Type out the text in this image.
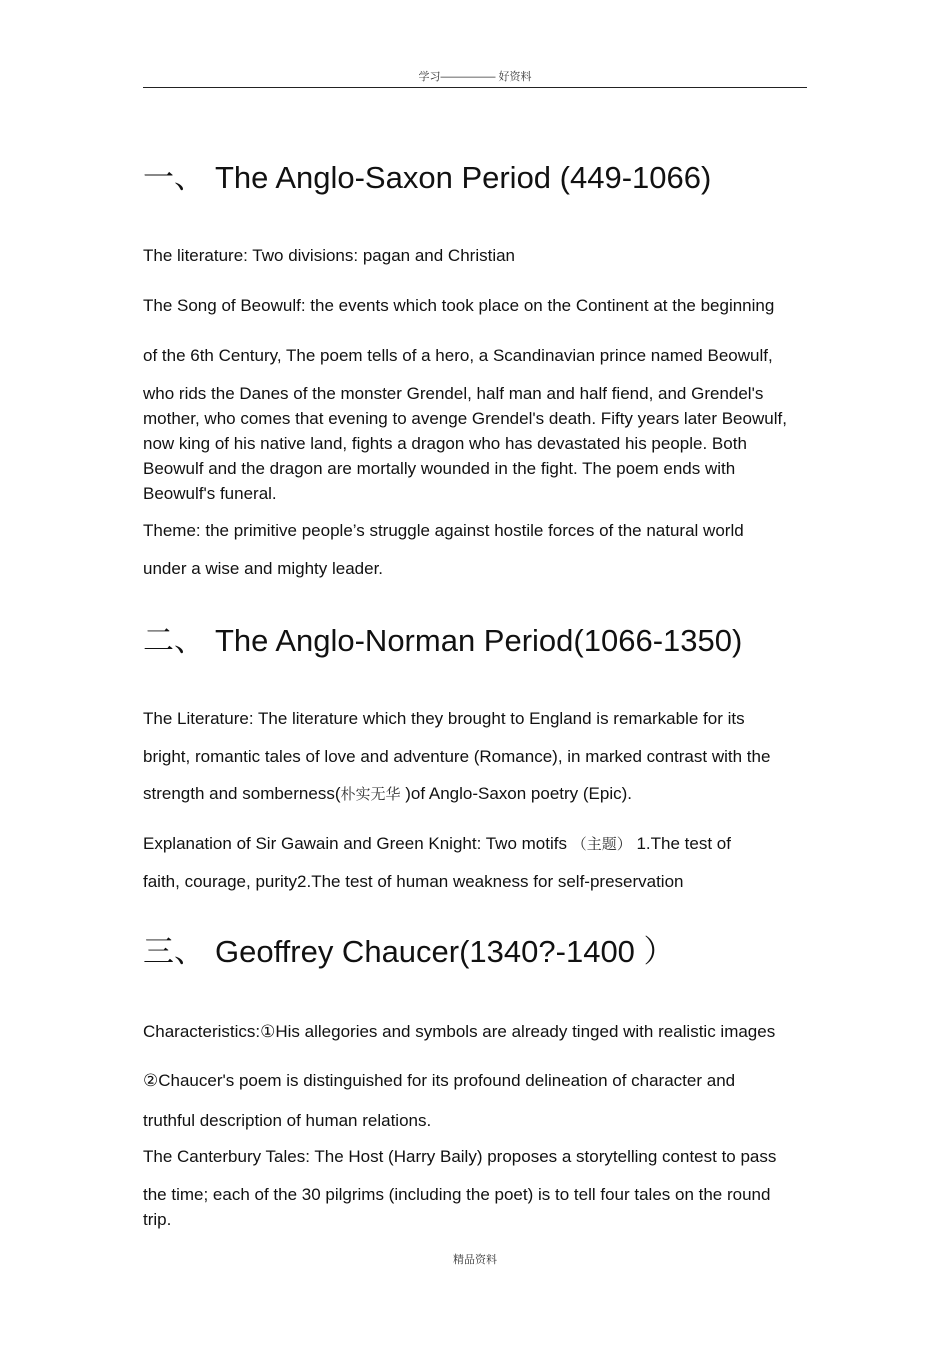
学习————— 好资料
一、 The Anglo-Saxon Period (449-1066)
The literature: Two divisions: pagan and Christian
The Song of Beowulf: the events which took place on the Continent at the beginning
of the 6th Century, The poem tells of a hero, a Scandinavian prince named Beowulf,
who rids the Danes of the monster Grendel, half man and half fiend, and Grendel's
mother, who comes that evening to avenge Grendel's death. Fifty years later Beowulf,
now king of his native land, fights a dragon who has devastated his people. Both
Beowulf and the dragon are mortally wounded in the fight. The poem ends with
Beowulf's funeral.
Theme: the primitive people’s struggle against hostile forces of the natural world
under a wise and mighty leader.
二、 The Anglo-Norman Period(1066-1350)
The Literature: The literature which they brought to England is remarkable for its
bright, romantic tales of love and adventure (Romance), in marked contrast with the
strength and somberness(朴实无华 )of Anglo-Saxon poetry (Epic).
Explanation of Sir Gawain and Green Knight: Two motifs （主题） 1.The test of
faith, courage, purity2.The test of human weakness for self-preservation
三、 Geoffrey Chaucer(1340?-1400 ）
Characteristics:①His allegories and symbols are already tinged with realistic images
②Chaucer's poem is distinguished for its profound delineation of character and
truthful description of human relations.
The Canterbury Tales: The Host (Harry Baily) proposes a storytelling contest to pass
the time; each of the 30 pilgrims (including the poet) is to tell four tales on the round
trip.
精品资料
